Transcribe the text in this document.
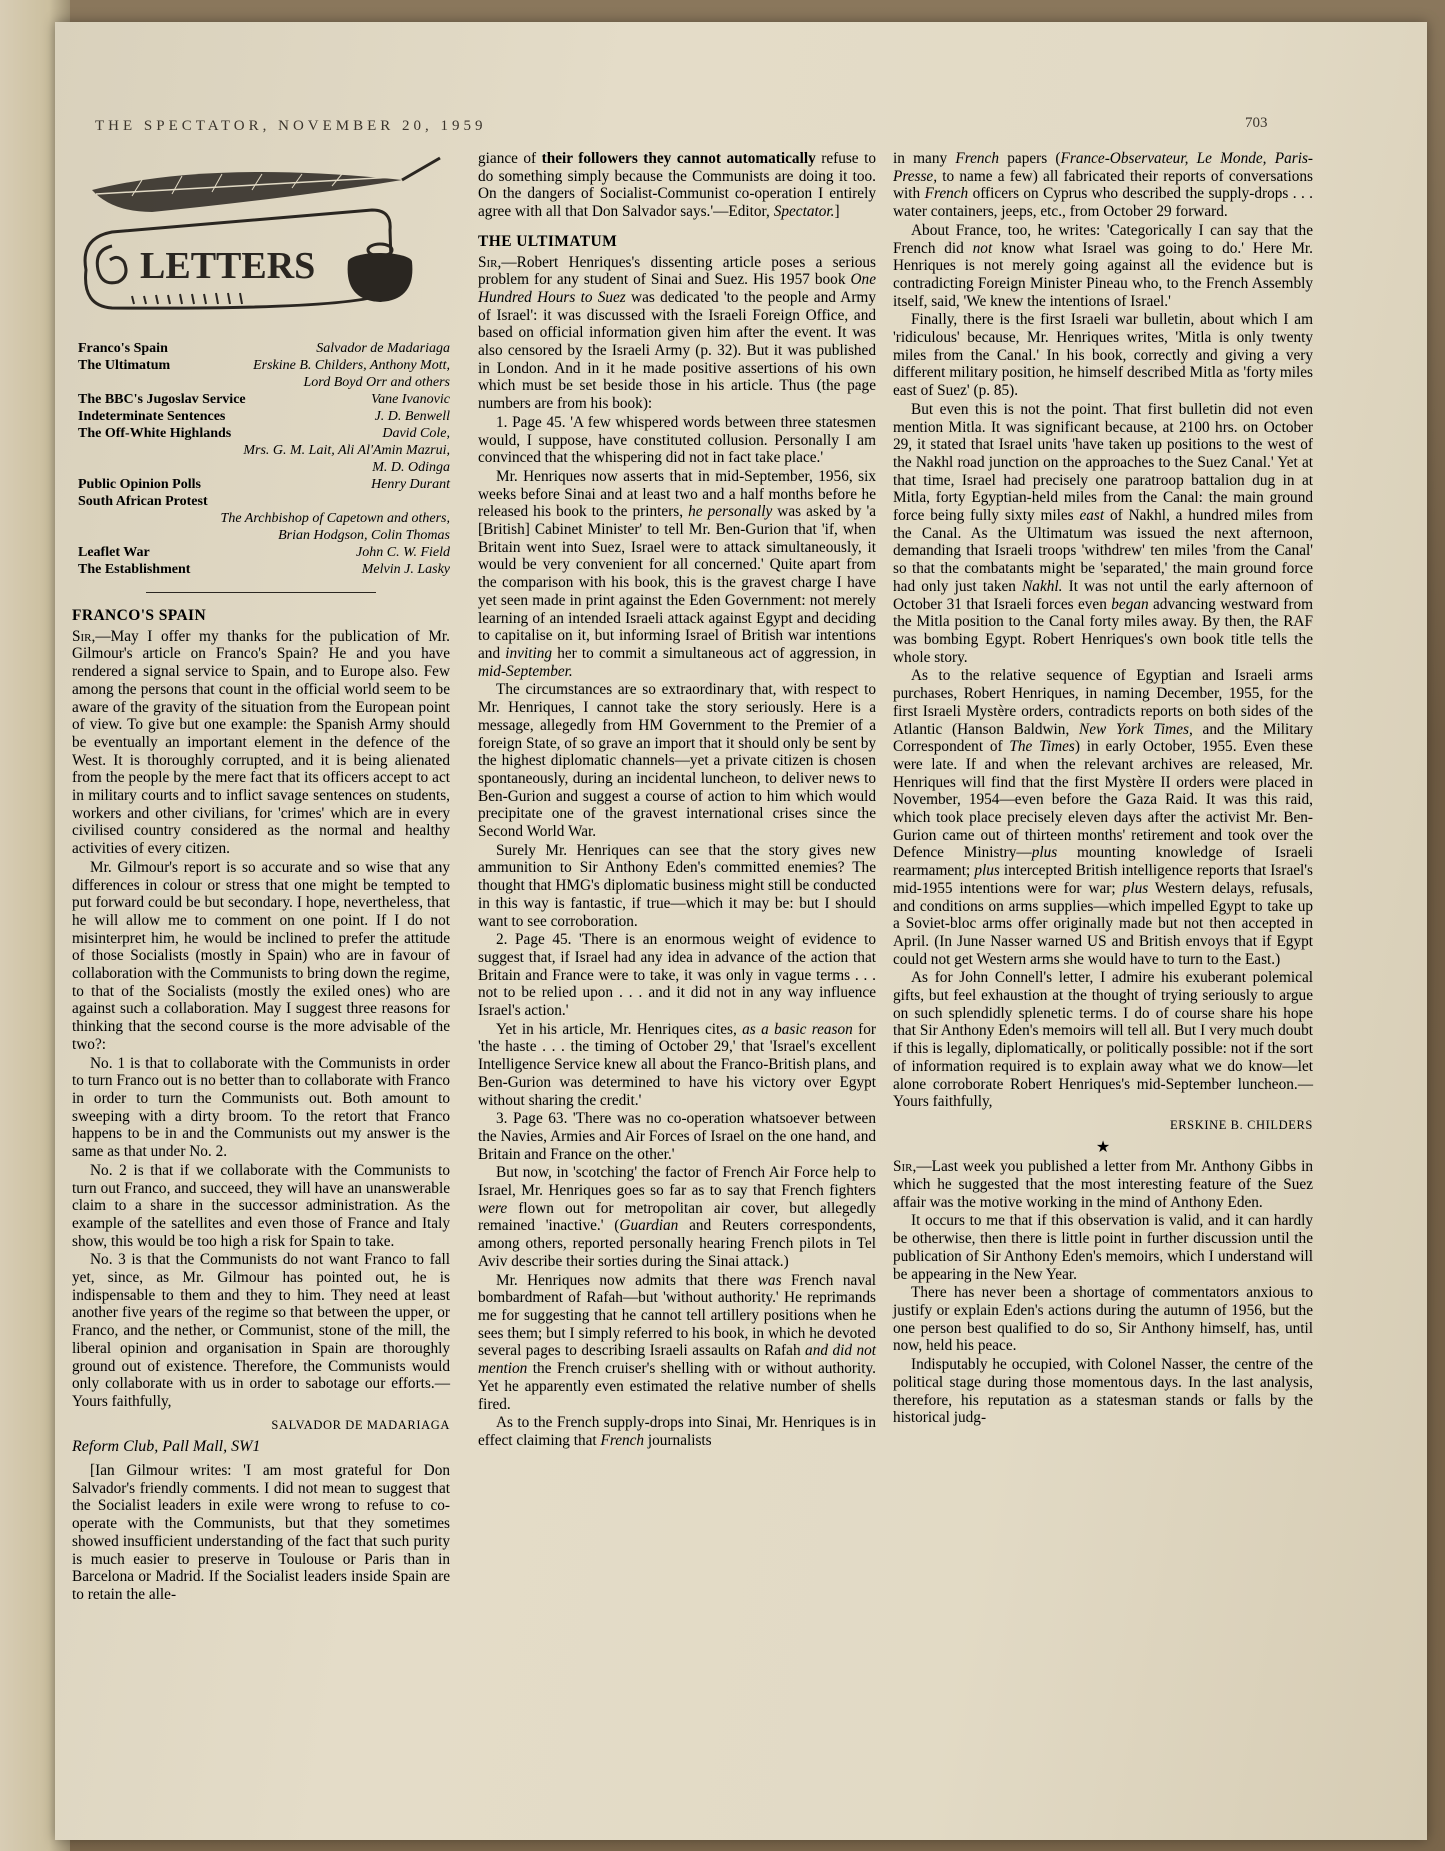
THE SPECTATOR, NOVEMBER 20, 1959	703
LETTERS
Franco's Spain	Salvador de Madariaga
The Ultimatum	Erskine B. Childers, Anthony Mott,
Lord Boyd Orr and others
The BBC's Jugoslav Service	Vane Ivanovic
Indeterminate Sentences	J. D. Benwell
The Off-White Highlands	David Cole,
Mrs. G. M. Lait, Ali Al'Amin Mazrui,
M. D. Odinga
Public Opinion Polls	Henry Durant
South African Protest
The Archbishop of Capetown and others,
Brian Hodgson, Colin Thomas
Leaflet War	John C. W. Field
The Establishment	Melvin J. Lasky
FRANCO'S SPAIN

Sir,—May I offer my thanks for the publication of Mr. Gilmour's article on Franco's Spain? He and you have rendered a signal service to Spain, and to Europe also. Few among the persons that count in the official world seem to be aware of the gravity of the situation from the European point of view. To give but one example: the Spanish Army should be eventually an important element in the defence of the West. It is thoroughly corrupted, and it is being alienated from the people by the mere fact that its officers accept to act in military courts and to inflict savage sentences on students, workers and other civilians, for 'crimes' which are in every civilised country considered as the normal and healthy activities of every citizen.

Mr. Gilmour's report is so accurate and so wise that any differences in colour or stress that one might be tempted to put forward could be but secondary. I hope, nevertheless, that he will allow me to comment on one point. If I do not misinterpret him, he would be inclined to prefer the attitude of those Socialists (mostly in Spain) who are in favour of collaboration with the Communists to bring down the regime, to that of the Socialists (mostly the exiled ones) who are against such a collaboration. May I suggest three reasons for thinking that the second course is the more advisable of the two?:

No. 1 is that to collaborate with the Communists in order to turn Franco out is no better than to collaborate with Franco in order to turn the Communists out. Both amount to sweeping with a dirty broom. To the retort that Franco happens to be in and the Communists out my answer is the same as that under No. 2.

No. 2 is that if we collaborate with the Communists to turn out Franco, and succeed, they will have an unanswerable claim to a share in the successor administration. As the example of the satellites and even those of France and Italy show, this would be too high a risk for Spain to take.

No. 3 is that the Communists do not want Franco to fall yet, since, as Mr. Gilmour has pointed out, he is indispensable to them and they to him. They need at least another five years of the regime so that between the upper, or Franco, and the nether, or Communist, stone of the mill, the liberal opinion and organisation in Spain are thoroughly ground out of existence. Therefore, the Communists would only collaborate with us in order to sabotage our efforts.—Yours faithfully,

SALVADOR DE MADARIAGA
Reform Club, Pall Mall, SW1

[Ian Gilmour writes: 'I am most grateful for Don Salvador's friendly comments. I did not mean to suggest that the Socialist leaders in exile were wrong to refuse to co-operate with the Communists, but that they sometimes showed insufficient understanding of the fact that such purity is much easier to preserve in Toulouse or Paris than in Barcelona or Madrid. If the Socialist leaders inside Spain are to retain the alle-

giance of their followers they cannot automatically refuse to do something simply because the Communists are doing it too. On the dangers of Socialist-Communist co-operation I entirely agree with all that Don Salvador says.'—Editor, Spectator.]

THE ULTIMATUM

Sir,—Robert Henriques's dissenting article poses a serious problem for any student of Sinai and Suez. His 1957 book One Hundred Hours to Suez was dedicated 'to the people and Army of Israel': it was discussed with the Israeli Foreign Office, and based on official information given him after the event. It was also censored by the Israeli Army (p. 32). But it was published in London. And in it he made positive assertions of his own which must be set beside those in his article. Thus (the page numbers are from his book):

1. Page 45. 'A few whispered words between three statesmen would, I suppose, have constituted collusion. Personally I am convinced that the whispering did not in fact take place.'

Mr. Henriques now asserts that in mid-September, 1956, six weeks before Sinai and at least two and a half months before he released his book to the printers, he personally was asked by 'a [British] Cabinet Minister' to tell Mr. Ben-Gurion that 'if, when Britain went into Suez, Israel were to attack simultaneously, it would be very convenient for all concerned.' Quite apart from the comparison with his book, this is the gravest charge I have yet seen made in print against the Eden Government: not merely learning of an intended Israeli attack against Egypt and deciding to capitalise on it, but informing Israel of British war intentions and inviting her to commit a simultaneous act of aggression, in mid-September.

The circumstances are so extraordinary that, with respect to Mr. Henriques, I cannot take the story seriously. Here is a message, allegedly from HM Government to the Premier of a foreign State, of so grave an import that it should only be sent by the highest diplomatic channels—yet a private citizen is chosen spontaneously, during an incidental luncheon, to deliver news to Ben-Gurion and suggest a course of action to him which would precipitate one of the gravest international crises since the Second World War.

Surely Mr. Henriques can see that the story gives new ammunition to Sir Anthony Eden's committed enemies? The thought that HMG's diplomatic business might still be conducted in this way is fantastic, if true—which it may be: but I should want to see corroboration.

2. Page 45. 'There is an enormous weight of evidence to suggest that, if Israel had any idea in advance of the action that Britain and France were to take, it was only in vague terms . . . not to be relied upon . . . and it did not in any way influence Israel's action.'

Yet in his article, Mr. Henriques cites, as a basic reason for 'the haste . . . the timing of October 29,' that 'Israel's excellent Intelligence Service knew all about the Franco-British plans, and Ben-Gurion was determined to have his victory over Egypt without sharing the credit.'

3. Page 63. 'There was no co-operation whatsoever between the Navies, Armies and Air Forces of Israel on the one hand, and Britain and France on the other.'

But now, in 'scotching' the factor of French Air Force help to Israel, Mr. Henriques goes so far as to say that French fighters were flown out for metropolitan air cover, but allegedly remained 'inactive.' (Guardian and Reuters correspondents, among others, reported personally hearing French pilots in Tel Aviv describe their sorties during the Sinai attack.)

Mr. Henriques now admits that there was French naval bombardment of Rafah—but 'without authority.' He reprimands me for suggesting that he cannot tell artillery positions when he sees them; but I simply referred to his book, in which he devoted several pages to describing Israeli assaults on Rafah and did not mention the French cruiser's shelling with or without authority. Yet he apparently even estimated the relative number of shells fired.

As to the French supply-drops into Sinai, Mr. Henriques is in effect claiming that French journalists

in many French papers (France-Observateur, Le Monde, Paris-Presse, to name a few) all fabricated their reports of conversations with French officers on Cyprus who described the supply-drops . . . water containers, jeeps, etc., from October 29 forward.

About France, too, he writes: 'Categorically I can say that the French did not know what Israel was going to do.' Here Mr. Henriques is not merely going against all the evidence but is contradicting Foreign Minister Pineau who, to the French Assembly itself, said, 'We knew the intentions of Israel.'

Finally, there is the first Israeli war bulletin, about which I am 'ridiculous' because, Mr. Henriques writes, 'Mitla is only twenty miles from the Canal.' In his book, correctly and giving a very different military position, he himself described Mitla as 'forty miles east of Suez' (p. 85).

But even this is not the point. That first bulletin did not even mention Mitla. It was significant because, at 2100 hrs. on October 29, it stated that Israel units 'have taken up positions to the west of the Nakhl road junction on the approaches to the Suez Canal.' Yet at that time, Israel had precisely one paratroop battalion dug in at Mitla, forty Egyptian-held miles from the Canal: the main ground force being fully sixty miles east of Nakhl, a hundred miles from the Canal. As the Ultimatum was issued the next afternoon, demanding that Israeli troops 'withdrew' ten miles 'from the Canal' so that the combatants might be 'separated,' the main ground force had only just taken Nakhl. It was not until the early afternoon of October 31 that Israeli forces even began advancing westward from the Mitla position to the Canal forty miles away. By then, the RAF was bombing Egypt. Robert Henriques's own book title tells the whole story.

As to the relative sequence of Egyptian and Israeli arms purchases, Robert Henriques, in naming December, 1955, for the first Israeli Mystère orders, contradicts reports on both sides of the Atlantic (Hanson Baldwin, New York Times, and the Military Correspondent of The Times) in early October, 1955. Even these were late. If and when the relevant archives are released, Mr. Henriques will find that the first Mystère II orders were placed in November, 1954—even before the Gaza Raid. It was this raid, which took place precisely eleven days after the activist Mr. Ben-Gurion came out of thirteen months' retirement and took over the Defence Ministry—plus mounting knowledge of Israeli rearmament; plus intercepted British intelligence reports that Israel's mid-1955 intentions were for war; plus Western delays, refusals, and conditions on arms supplies—which impelled Egypt to take up a Soviet-bloc arms offer originally made but not then accepted in April. (In June Nasser warned US and British envoys that if Egypt could not get Western arms she would have to turn to the East.)

As for John Connell's letter, I admire his exuberant polemical gifts, but feel exhaustion at the thought of trying seriously to argue on such splendidly splenetic terms. I do of course share his hope that Sir Anthony Eden's memoirs will tell all. But I very much doubt if this is legally, diplomatically, or politically possible: not if the sort of information required is to explain away what we do know—let alone corroborate Robert Henriques's mid-September luncheon.—Yours faithfully,

ERSKINE B. CHILDERS
★

Sir,—Last week you published a letter from Mr. Anthony Gibbs in which he suggested that the most interesting feature of the Suez affair was the motive working in the mind of Anthony Eden.

It occurs to me that if this observation is valid, and it can hardly be otherwise, then there is little point in further discussion until the publication of Sir Anthony Eden's memoirs, which I understand will be appearing in the New Year.

There has never been a shortage of commentators anxious to justify or explain Eden's actions during the autumn of 1956, but the one person best qualified to do so, Sir Anthony himself, has, until now, held his peace.

Indisputably he occupied, with Colonel Nasser, the centre of the political stage during those momentous days. In the last analysis, therefore, his reputation as a statesman stands or falls by the historical judg-
